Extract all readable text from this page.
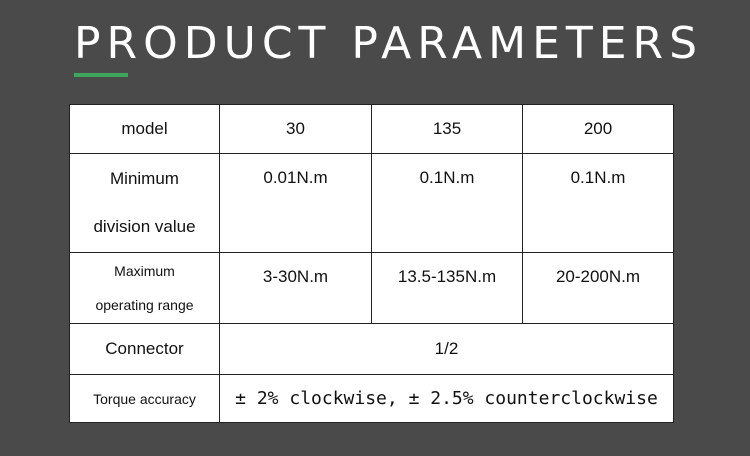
PRODUCT PARAMETERS
model	30	135	200

Minimum
division value	0.01N.m	0.1N.m	0.1N.m

Maximum
operating range	3-30N.m	13.5-135N.m	20-200N.m
Connector	1/2		
Torque accuracy	± 2% clockwise, ± 2.5% counterclockwise		
